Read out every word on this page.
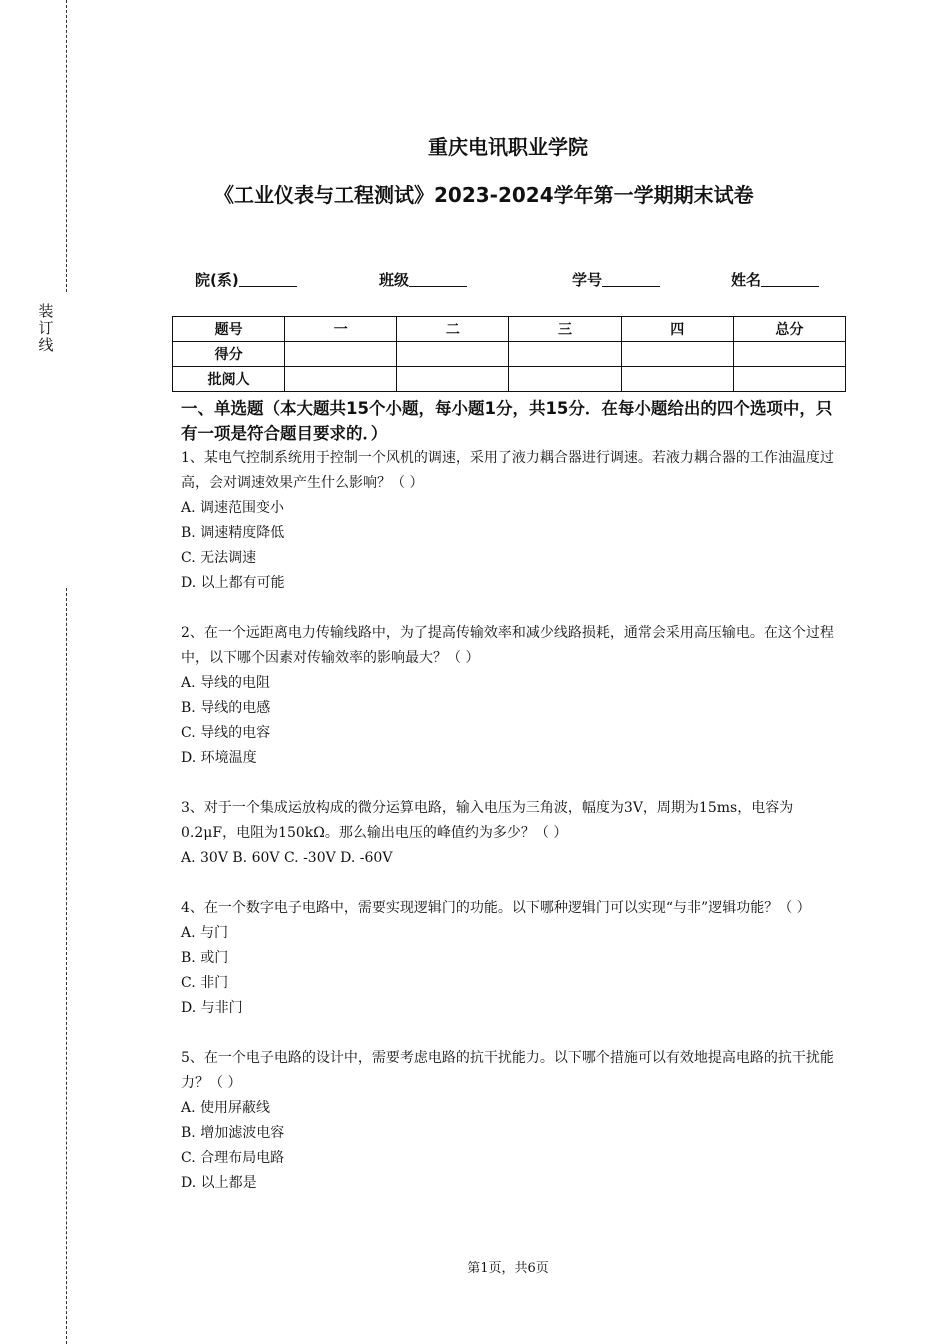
装
订
线
重庆电讯职业学院
《工业仪表与工程测试》2023-2024学年第一学期期末试卷
院(系)	班级	学号	姓名
题号	一	二	三	四	总分
得分					
批阅人					
一、单选题（本大题共15个小题，每小题1分，共15分．在每小题给出的四个选项中，只有一项是符合题目要求的．）

1、某电气控制系统用于控制一个风机的调速，采用了液力耦合器进行调速。若液力耦合器的工作油温度过高，会对调速效果产生什么影响？（ ）

A. 调速范围变小

B. 调速精度降低

C. 无法调速

D. 以上都有可能

2、在一个远距离电力传输线路中，为了提高传输效率和减少线路损耗，通常会采用高压输电。在这个过程中，以下哪个因素对传输效率的影响最大？（ ）

A. 导线的电阻

B. 导线的电感

C. 导线的电容

D. 环境温度

3、对于一个集成运放构成的微分运算电路，输入电压为三角波，幅度为3V，周期为15ms，电容为0.2μF，电阻为150kΩ。那么输出电压的峰值约为多少？（ ）

A. 30V B. 60V C. -30V D. -60V

4、在一个数字电子电路中，需要实现逻辑门的功能。以下哪种逻辑门可以实现“与非”逻辑功能？（ ）

A. 与门

B. 或门

C. 非门

D. 与非门

5、在一个电子电路的设计中，需要考虑电路的抗干扰能力。以下哪个措施可以有效地提高电路的抗干扰能力？（ ）

A. 使用屏蔽线

B. 增加滤波电容

C. 合理布局电路

D. 以上都是

第1页，共6页
